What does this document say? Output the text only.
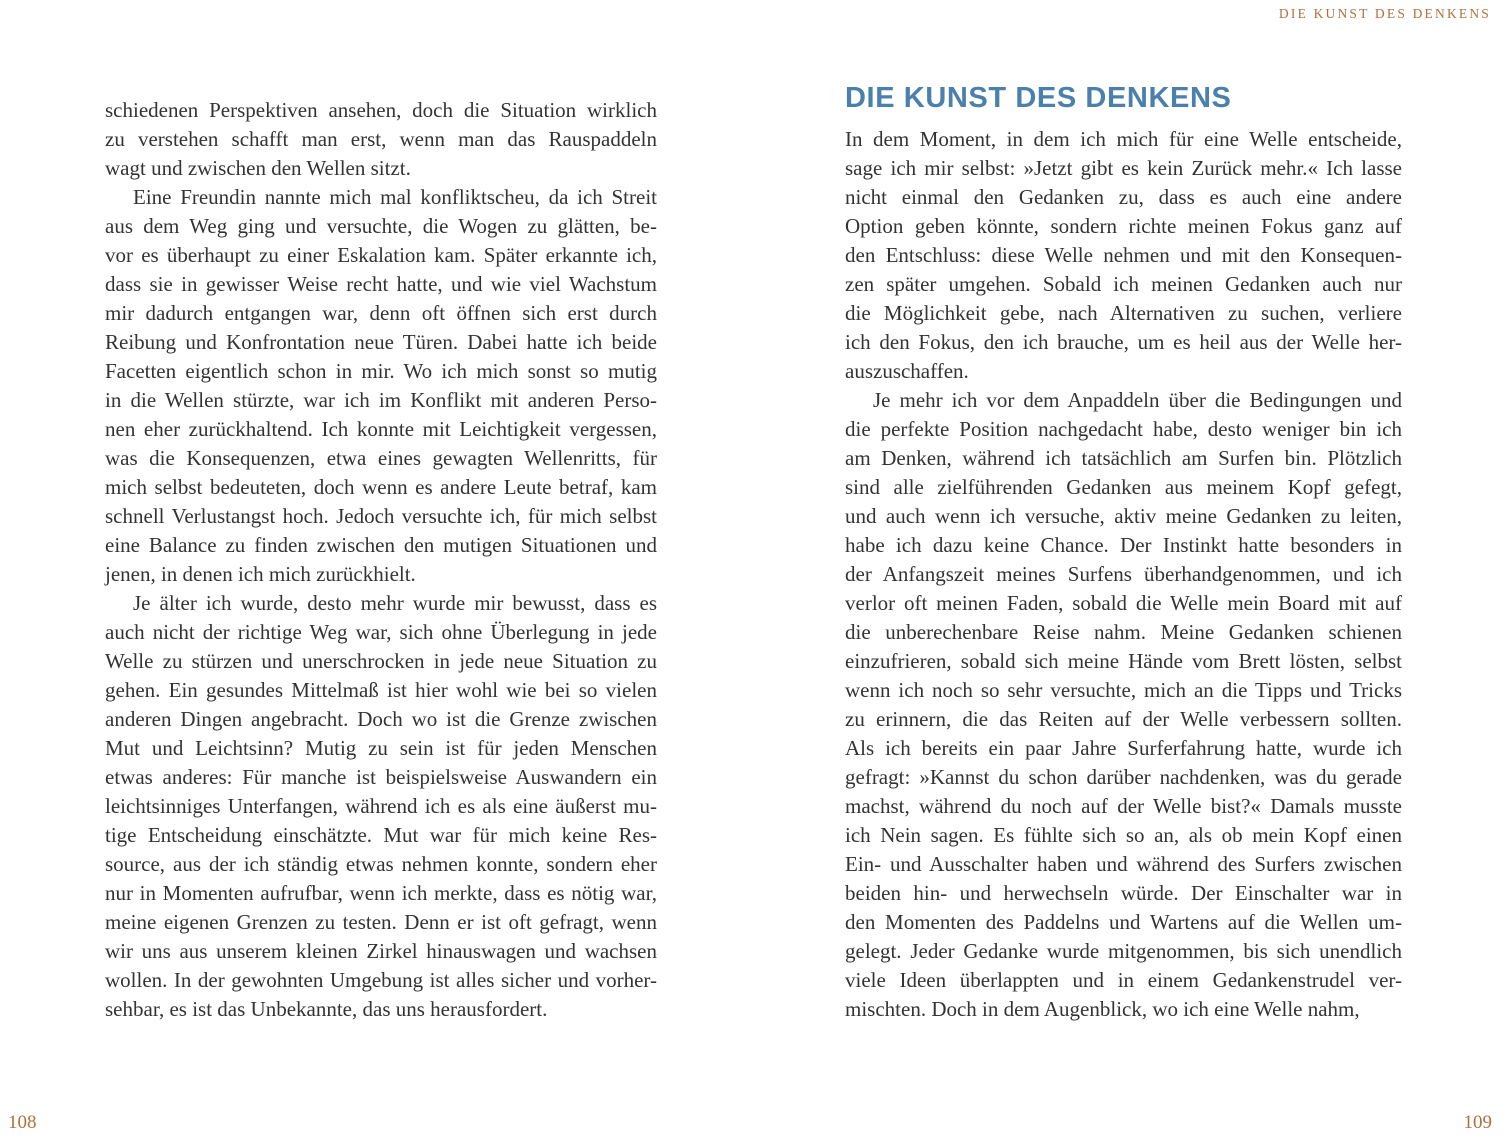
DIE KUNST DES DENKENS
schiedenen Perspektiven ansehen, doch die Situation wirklich
zu verstehen schafft man erst, wenn man das Rauspaddeln
wagt und zwischen den Wellen sitzt.
Eine Freundin nannte mich mal konfliktscheu, da ich Streit
aus dem Weg ging und versuchte, die Wogen zu glätten, be-
vor es überhaupt zu einer Eskalation kam. Später erkannte ich,
dass sie in gewisser Weise recht hatte, und wie viel Wachstum
mir dadurch entgangen war, denn oft öffnen sich erst durch
Reibung und Konfrontation neue Türen. Dabei hatte ich beide
Facetten eigentlich schon in mir. Wo ich mich sonst so mutig
in die Wellen stürzte, war ich im Konflikt mit anderen Perso-
nen eher zurückhaltend. Ich konnte mit Leichtigkeit vergessen,
was die Konsequenzen, etwa eines gewagten Wellenritts, für
mich selbst bedeuteten, doch wenn es andere Leute betraf, kam
schnell Verlustangst hoch. Jedoch versuchte ich, für mich selbst
eine Balance zu finden zwischen den mutigen Situationen und
jenen, in denen ich mich zurückhielt.
Je älter ich wurde, desto mehr wurde mir bewusst, dass es
auch nicht der richtige Weg war, sich ohne Überlegung in jede
Welle zu stürzen und unerschrocken in jede neue Situation zu
gehen. Ein gesundes Mittelmaß ist hier wohl wie bei so vielen
anderen Dingen angebracht. Doch wo ist die Grenze zwischen
Mut und Leichtsinn? Mutig zu sein ist für jeden Menschen
etwas anderes: Für manche ist beispielsweise Auswandern ein
leichtsinniges Unterfangen, während ich es als eine äußerst mu-
tige Entscheidung einschätzte. Mut war für mich keine Res-
source, aus der ich ständig etwas nehmen konnte, sondern eher
nur in Momenten aufrufbar, wenn ich merkte, dass es nötig war,
meine eigenen Grenzen zu testen. Denn er ist oft gefragt, wenn
wir uns aus unserem kleinen Zirkel hinauswagen und wachsen
wollen. In der gewohnten Umgebung ist alles sicher und vorher-
sehbar, es ist das Unbekannte, das uns herausfordert.
DIE KUNST DES DENKENS
In dem Moment, in dem ich mich für eine Welle entscheide,
sage ich mir selbst: »Jetzt gibt es kein Zurück mehr.« Ich lasse
nicht einmal den Gedanken zu, dass es auch eine andere
Option geben könnte, sondern richte meinen Fokus ganz auf
den Entschluss: diese Welle nehmen und mit den Konsequen-
zen später umgehen. Sobald ich meinen Gedanken auch nur
die Möglichkeit gebe, nach Alternativen zu suchen, verliere
ich den Fokus, den ich brauche, um es heil aus der Welle her-
auszuschaffen.
Je mehr ich vor dem Anpaddeln über die Bedingungen und
die perfekte Position nachgedacht habe, desto weniger bin ich
am Denken, während ich tatsächlich am Surfen bin. Plötzlich
sind alle zielführenden Gedanken aus meinem Kopf gefegt,
und auch wenn ich versuche, aktiv meine Gedanken zu leiten,
habe ich dazu keine Chance. Der Instinkt hatte besonders in
der Anfangszeit meines Surfens überhandgenommen, und ich
verlor oft meinen Faden, sobald die Welle mein Board mit auf
die unberechenbare Reise nahm. Meine Gedanken schienen
einzufrieren, sobald sich meine Hände vom Brett lösten, selbst
wenn ich noch so sehr versuchte, mich an die Tipps und Tricks
zu erinnern, die das Reiten auf der Welle verbessern sollten.
Als ich bereits ein paar Jahre Surferfahrung hatte, wurde ich
gefragt: »Kannst du schon darüber nachdenken, was du gerade
machst, während du noch auf der Welle bist?« Damals musste
ich Nein sagen. Es fühlte sich so an, als ob mein Kopf einen
Ein- und Ausschalter haben und während des Surfers zwischen
beiden hin- und herwechseln würde. Der Einschalter war in
den Momenten des Paddelns und Wartens auf die Wellen um-
gelegt. Jeder Gedanke wurde mitgenommen, bis sich unendlich
viele Ideen überlappten und in einem Gedankenstrudel ver-
mischten. Doch in dem Augenblick, wo ich eine Welle nahm,
108	109
